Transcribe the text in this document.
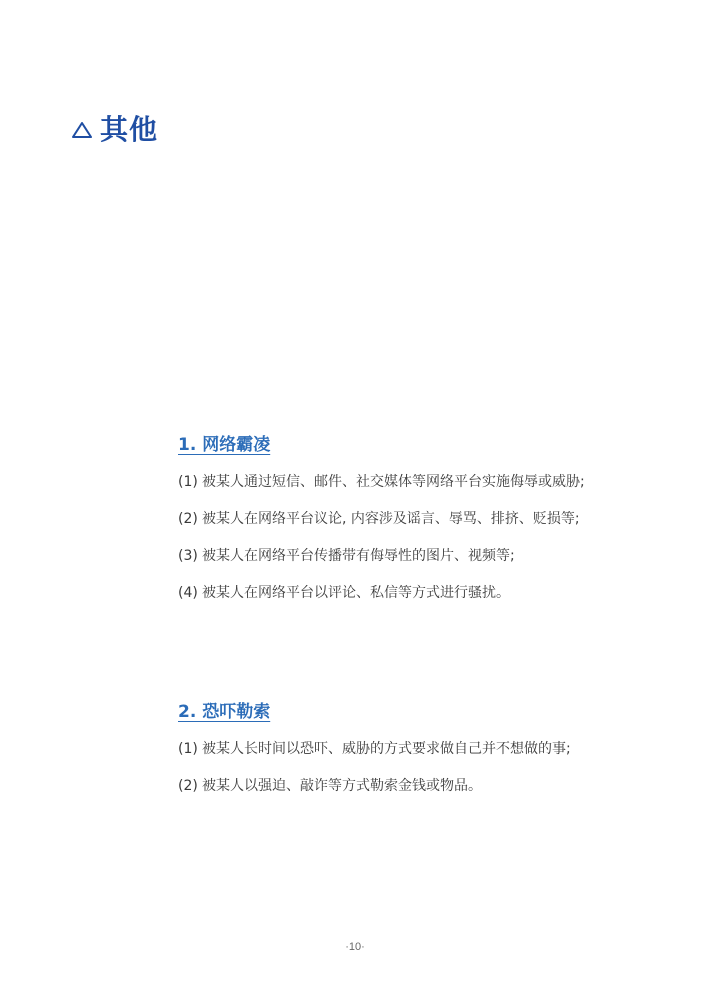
其他
1. 网络霸凌
(1) 被某人通过短信、邮件、社交媒体等网络平台实施侮辱或威胁;
(2) 被某人在网络平台议论, 内容涉及谣言、辱骂、排挤、贬损等;
(3) 被某人在网络平台传播带有侮辱性的图片、视频等;
(4) 被某人在网络平台以评论、私信等方式进行骚扰。
2. 恐吓勒索
(1) 被某人长时间以恐吓、威胁的方式要求做自己并不想做的事;
(2) 被某人以强迫、敲诈等方式勒索金钱或物品。
·10·
